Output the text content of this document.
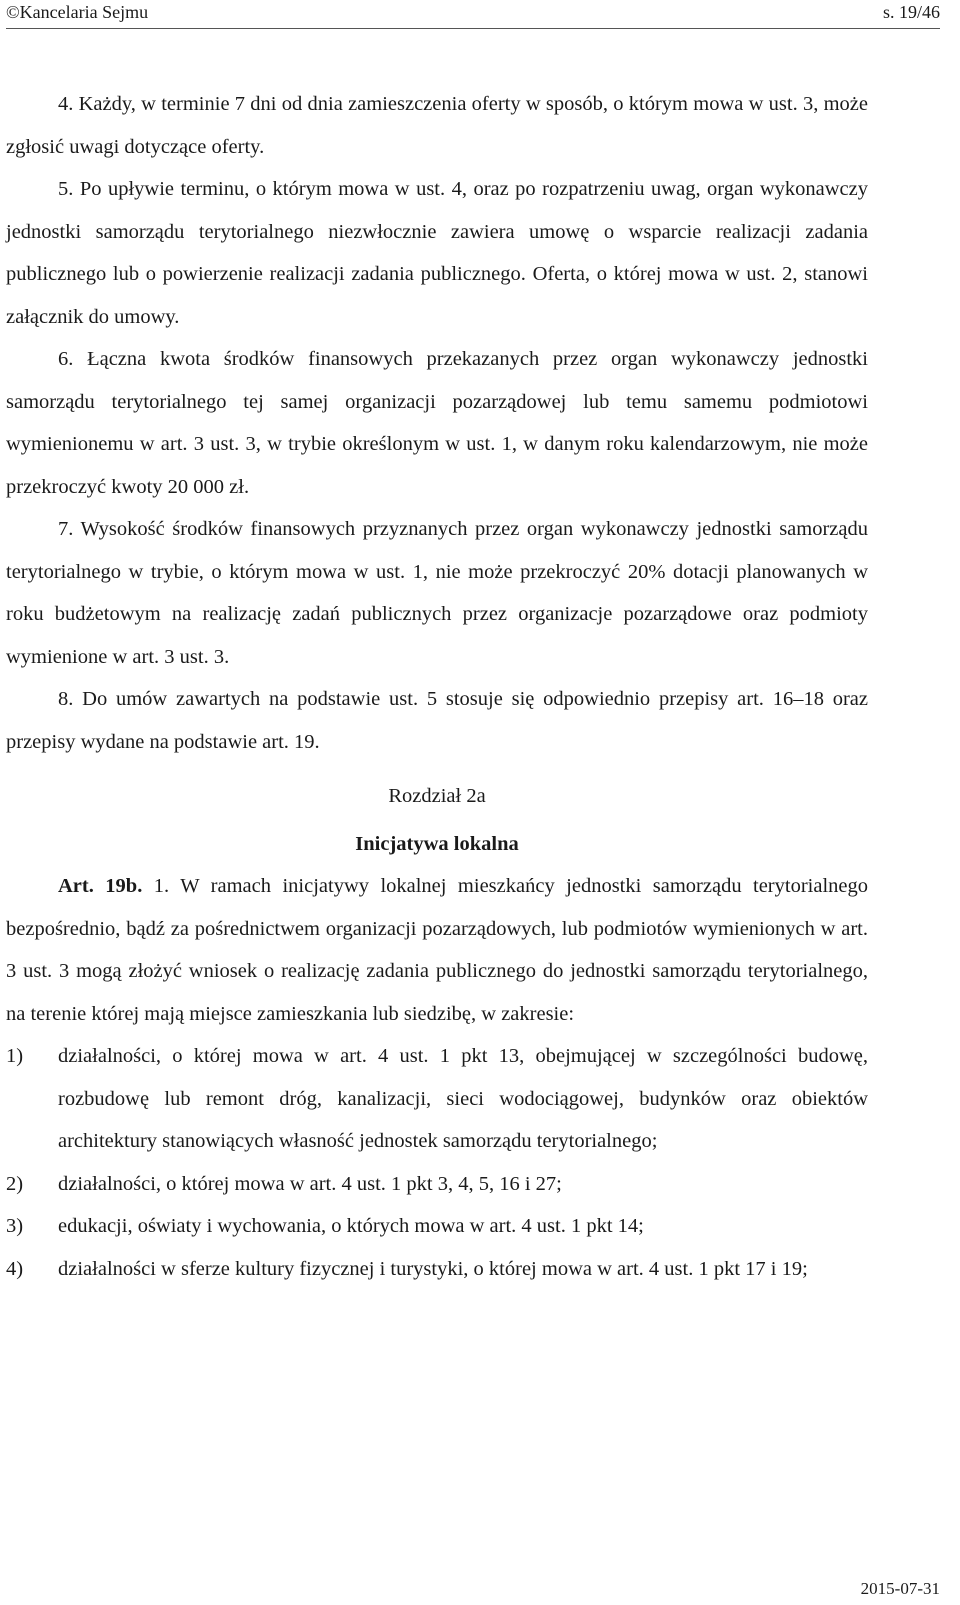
©Kancelaria Sejmu	s. 19/46

4. Każdy, w terminie 7 dni od dnia zamieszczenia oferty w sposób, o którym mowa w ust. 3, może zgłosić uwagi dotyczące oferty.

5. Po upływie terminu, o którym mowa w ust. 4, oraz po rozpatrzeniu uwag, organ wykonawczy jednostki samorządu terytorialnego niezwłocznie zawiera umowę o wsparcie realizacji zadania publicznego lub o powierzenie realizacji zadania publicznego. Oferta, o której mowa w ust. 2, stanowi załącznik do umowy.

6. Łączna kwota środków finansowych przekazanych przez organ wykonawczy jednostki samorządu terytorialnego tej samej organizacji pozarządowej lub temu samemu podmiotowi wymienionemu w art. 3 ust. 3, w trybie określonym w ust. 1, w danym roku kalendarzowym, nie może przekroczyć kwoty 20 000 zł.

7. Wysokość środków finansowych przyznanych przez organ wykonawczy jednostki samorządu terytorialnego w trybie, o którym mowa w ust. 1, nie może przekroczyć 20% dotacji planowanych w roku budżetowym na realizację zadań publicznych przez organizacje pozarządowe oraz podmioty wymienione w art. 3 ust. 3.

8. Do umów zawartych na podstawie ust. 5 stosuje się odpowiednio przepisy art. 16–18 oraz przepisy wydane na podstawie art. 19.

Rozdział 2a

Inicjatywa lokalna

Art. 19b. 1. W ramach inicjatywy lokalnej mieszkańcy jednostki samorządu terytorialnego bezpośrednio, bądź za pośrednictwem organizacji pozarządowych, lub podmiotów wymienionych w art. 3 ust. 3 mogą złożyć wniosek o realizację zadania publicznego do jednostki samorządu terytorialnego, na terenie której mają miejsce zamieszkania lub siedzibę, w zakresie:

1)	działalności, o której mowa w art. 4 ust. 1 pkt 13, obejmującej w szczególności budowę, rozbudowę lub remont dróg, kanalizacji, sieci wodociągowej, budynków oraz obiektów architektury stanowiących własność jednostek samorządu terytorialnego;
2)	działalności, o której mowa w art. 4 ust. 1 pkt 3, 4, 5, 16 i 27;
3)	edukacji, oświaty i wychowania, o których mowa w art. 4 ust. 1 pkt 14;
4)	działalności w sferze kultury fizycznej i turystyki, o której mowa w art. 4 ust. 1 pkt 17 i 19;
2015-07-31
